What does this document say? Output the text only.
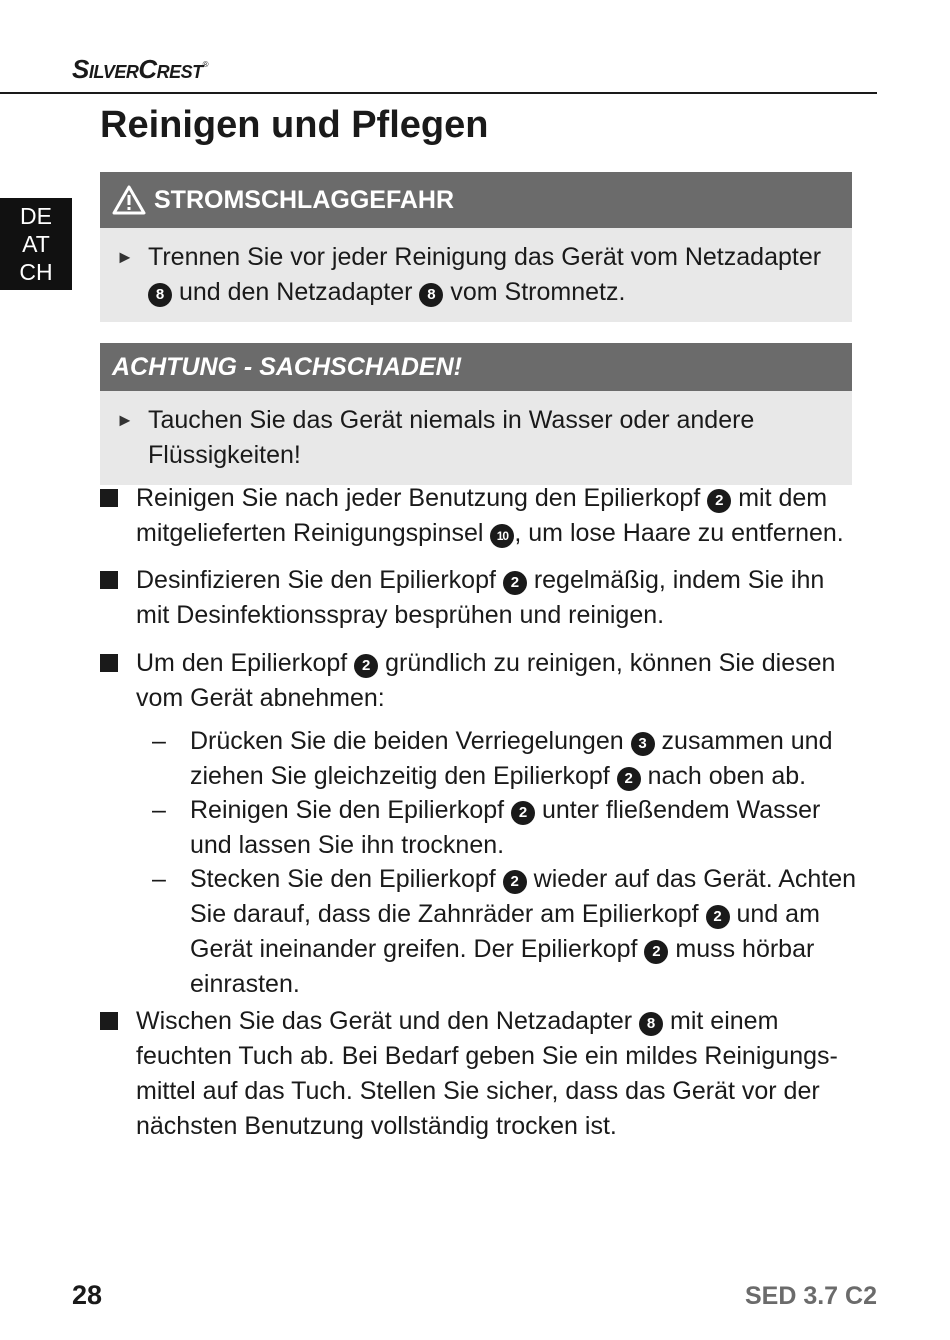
SilverCrest®
Reinigen und Pflegen
DE
AT
CH
STROMSCHLAGGEFAHR
► Trennen Sie vor jeder Reinigung das Gerät vom Netzadapter 8 und den Netzadapter 8 vom Stromnetz.
ACHTUNG - SACHSCHADEN!
► Tauchen Sie das Gerät niemals in Wasser oder andere Flüssigkeiten!
Reinigen Sie nach jeder Benutzung den Epilierkopf 2 mit dem mitgelieferten Reinigungspinsel 10 , um lose Haare zu entfernen.
Desinfizieren Sie den Epilierkopf 2 regelmäßig, indem Sie ihn mit Desinfektionsspray besprühen und reinigen.
Um den Epilierkopf 2 gründlich zu reinigen, können Sie diesen vom Gerät abnehmen:
– Drücken Sie die beiden Verriegelungen 3 zusammen und ziehen Sie gleichzeitig den Epilierkopf 2 nach oben ab.
– Reinigen Sie den Epilierkopf 2 unter fließendem Wasser und lassen Sie ihn trocknen.
– Stecken Sie den Epilierkopf 2 wieder auf das Gerät. Achten Sie darauf, dass die Zahnräder am Epilierkopf 2 und am Gerät ineinander greifen. Der Epilierkopf 2 muss hörbar einrasten.
Wischen Sie das Gerät und den Netzadapter 8 mit einem feuchten Tuch ab. Bei Bedarf geben Sie ein mildes Reinigungs-mittel auf das Tuch. Stellen Sie sicher, dass das Gerät vor der nächsten Benutzung vollständig trocken ist.
28	SED 3.7 C2
